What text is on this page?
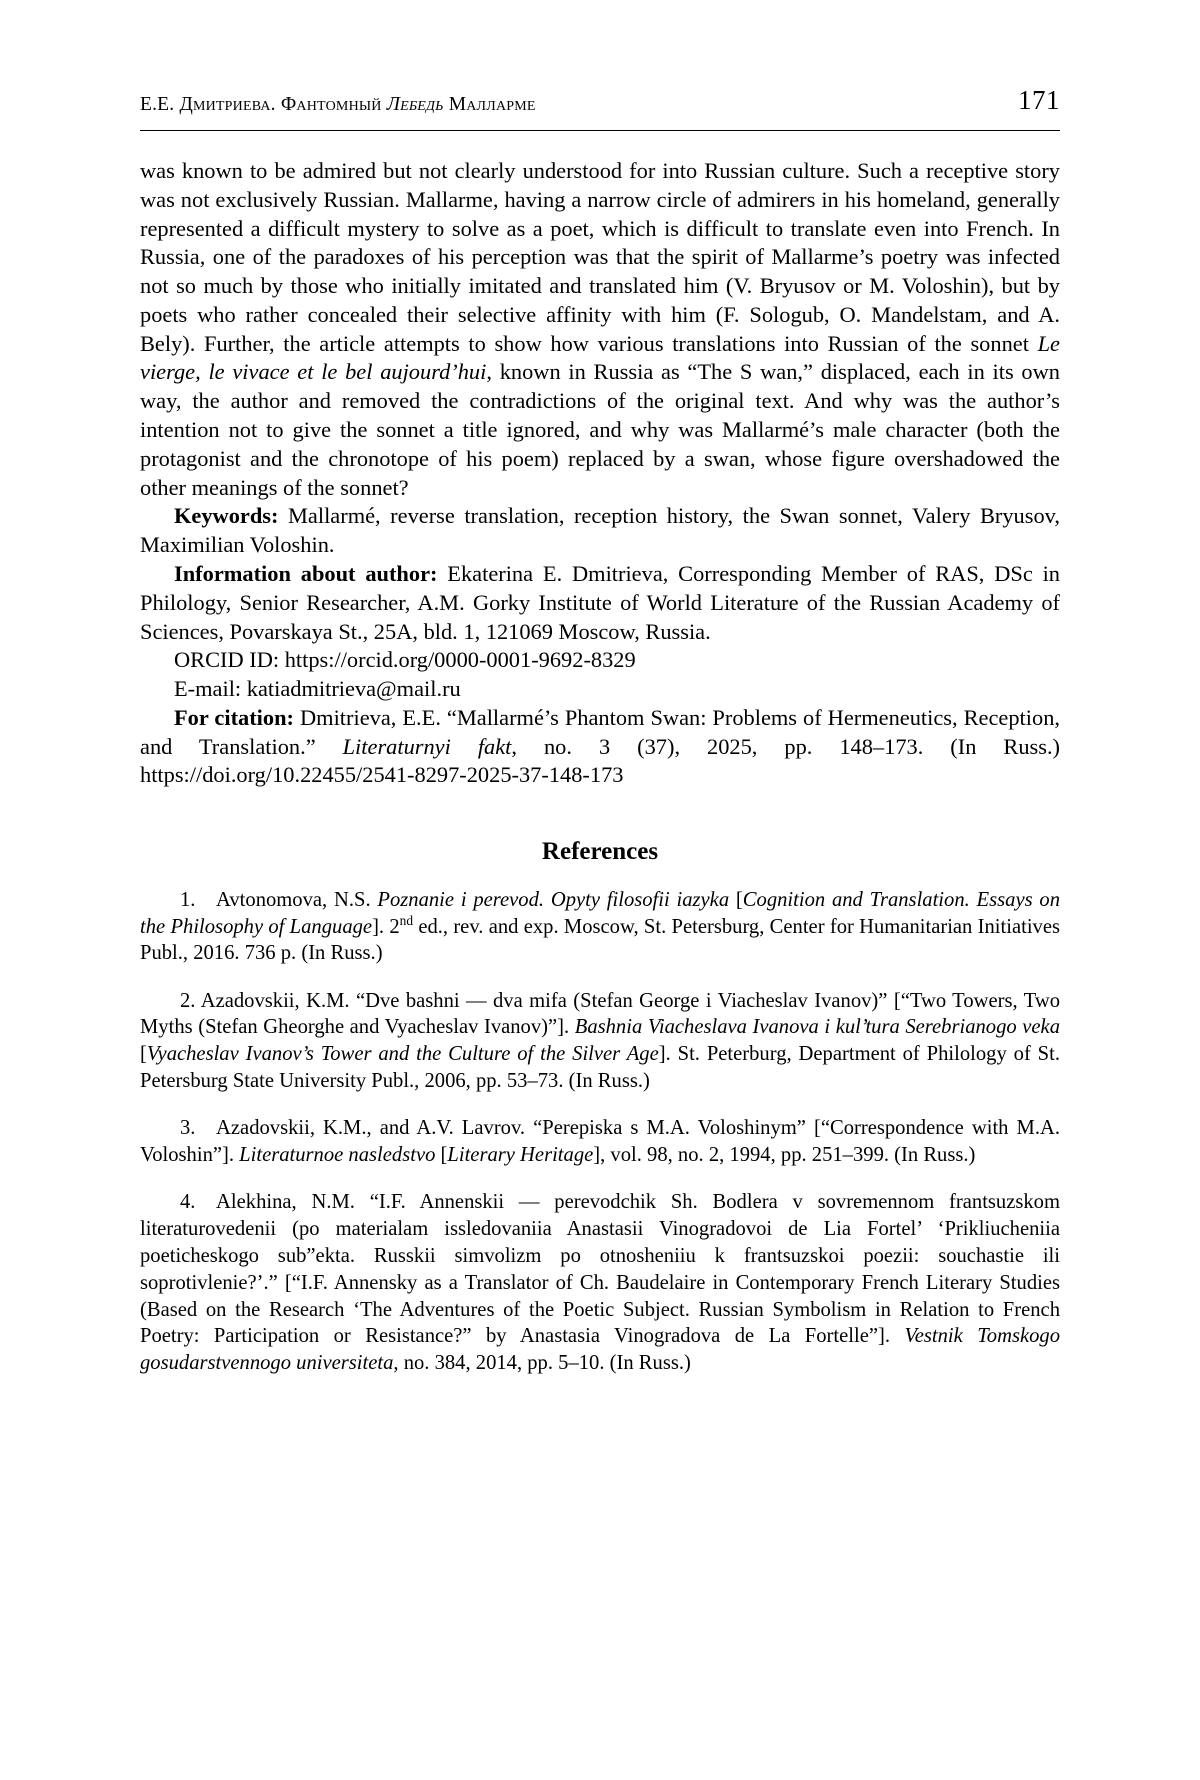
Е.Е. Дмитриева. Фантомный Лебедь Малларме	171

was known to be admired but not clearly understood for into Russian culture. Such a receptive story was not exclusively Russian. Mallarme, having a narrow circle of admirers in his homeland, generally represented a difficult mystery to solve as a poet, which is difficult to translate even into French. In Russia, one of the paradoxes of his perception was that the spirit of Mallarme’s poetry was infected not so much by those who initially imitated and translated him (V. Bryusov or M. Voloshin), but by poets who rather concealed their selective affinity with him (F. Sologub, O. Mandelstam, and A. Bely). Further, the article attempts to show how various translations into Russian of the sonnet Le vierge, le vivace et le bel aujourd’hui, known in Russia as “The S wan,” displaced, each in its own way, the author and removed the contradictions of the original text. And why was the author’s intention not to give the sonnet a title ignored, and why was Mallarmé’s male character (both the protagonist and the chronotope of his poem) replaced by a swan, whose figure overshadowed the other meanings of the sonnet?

Keywords: Mallarmé, reverse translation, reception history, the Swan sonnet, Valery Bryusov, Maximilian Voloshin.

Information about author: Ekaterina E. Dmitrieva, Corresponding Member of RAS, DSc in Philology, Senior Researcher, A.M. Gorky Institute of World Literature of the Russian Academy of Sciences, Povarskaya St., 25A, bld. 1, 121069 Moscow, Russia.

ORCID ID: https://orcid.org/0000-0001-9692-8329

E-mail: katiadmitrieva@mail.ru

For citation: Dmitrieva, E.E. “Mallarmé’s Phantom Swan: Problems of Hermeneutics, Reception, and Translation.” Literaturnyi fakt, no. 3 (37), 2025, pp. 148–173. (In Russ.) https://doi.org/10.22455/2541-8297-2025-37-148-173

References

1. Avtonomova, N.S. Poznanie i perevod. Opyty filosofii iazyka [Cognition and Translation. Essays on the Philosophy of Language]. 2nd ed., rev. and exp. Moscow, St. Petersburg, Center for Humanitarian Initiatives Publ., 2016. 736 p. (In Russ.)

2. Azadovskii, K.M. “Dve bashni — dva mifa (Stefan George i Viacheslav Ivanov)” [“Two Towers, Two Myths (Stefan Gheorghe and Vyacheslav Ivanov)”]. Bashnia Viacheslava Ivanova i kul’tura Serebrianogo veka [Vyacheslav Ivanov’s Tower and the Culture of the Silver Age]. St. Peterburg, Department of Philology of St. Petersburg State University Publ., 2006, pp. 53–73. (In Russ.)

3. Azadovskii, K.M., and A.V. Lavrov. “Perepiska s M.A. Voloshinym” [“Correspondence with M.A. Voloshin”]. Literaturnoe nasledstvo [Literary Heritage], vol. 98, no. 2, 1994, pp. 251–399. (In Russ.)

4. Alekhina, N.M. “I.F. Annenskii — perevodchik Sh. Bodlera v sovremennom frantsuzskom literaturovedenii (po materialam issledovaniia Anastasii Vinogradovoi de Lia Fortel’ ‘Prikliucheniia poeticheskogo sub”ekta. Russkii simvolizm po otnosheniiu k frantsuzskoi poezii: souchastie ili soprotivlenie?’.” [“I.F. Annensky as a Translator of Ch. Baudelaire in Contemporary French Literary Studies (Based on the Research ‘The Adventures of the Poetic Subject. Russian Symbolism in Relation to French Poetry: Participation or Resistance?” by Anastasia Vinogradova de La Fortelle”]. Vestnik Tomskogo gosudarstvennogo universiteta, no. 384, 2014, pp. 5–10. (In Russ.)
